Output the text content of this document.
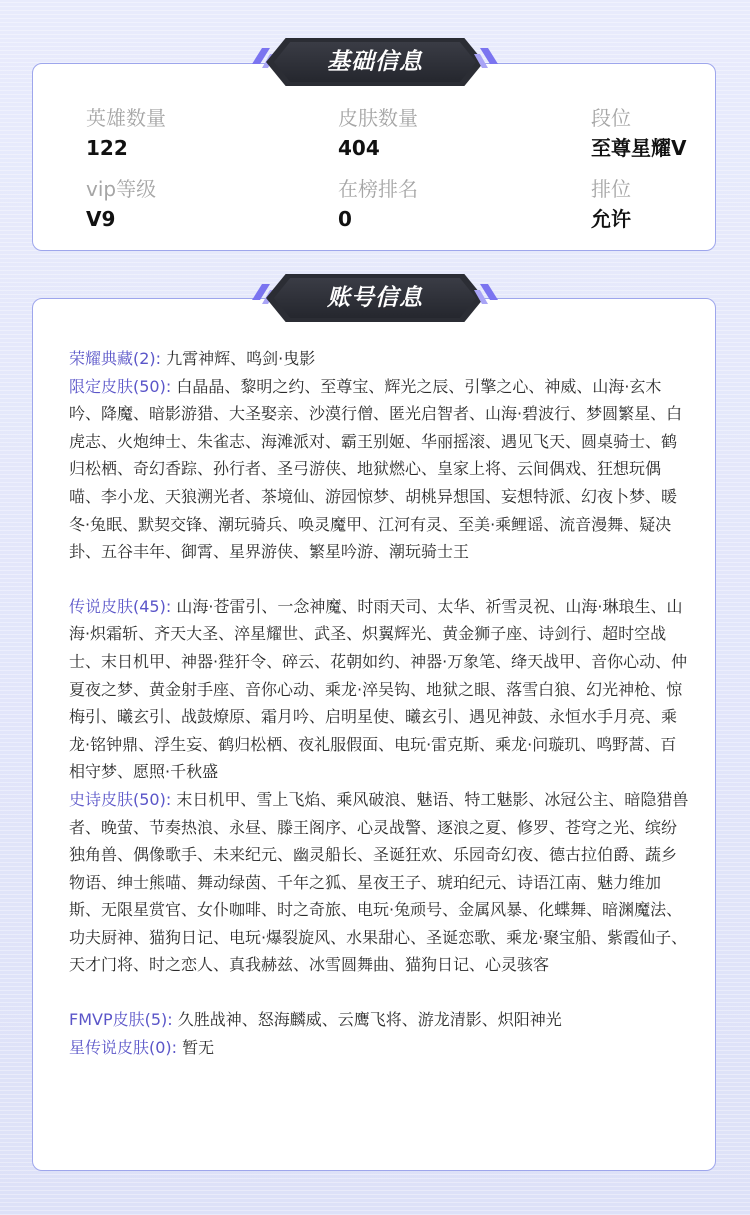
英雄数量
122
皮肤数量
404
段位
至尊星耀V
vip等级
V9
在榜排名
0
排位
允许
基础信息

荣耀典藏(2): 九霄神辉、鸣剑·曳影

限定皮肤(50): 白晶晶、黎明之约、至尊宝、辉光之辰、引擎之心、神威、山海·玄木吟、降魔、暗影游猎、大圣娶亲、沙漠行僧、匿光启智者、山海·碧波行、梦圆繁星、白虎志、火炮绅士、朱雀志、海滩派对、霸王别姬、华丽摇滚、遇见飞天、圆桌骑士、鹤归松栖、奇幻香踪、孙行者、圣弓游侠、地狱燃心、皇家上将、云间偶戏、狂想玩偶喵、李小龙、天狼溯光者、茶境仙、游园惊梦、胡桃异想国、妄想特派、幻夜卜梦、暖冬·兔眠、默契交锋、潮玩骑兵、唤灵魔甲、江河有灵、至美·乘鲤谣、流音漫舞、疑决卦、五谷丰年、御霄、星界游侠、繁星吟游、潮玩骑士王

传说皮肤(45): 山海·苍雷引、一念神魔、时雨天司、太华、祈雪灵祝、山海·琳琅生、山海·炽霜斩、齐天大圣、淬星耀世、武圣、炽翼辉光、黄金狮子座、诗剑行、超时空战士、末日机甲、神器·狴犴令、碎云、花朝如约、神器·万象笔、绛天战甲、音你心动、仲夏夜之梦、黄金射手座、音你心动、乘龙·淬吴钩、地狱之眼、落雪白狼、幻光神枪、惊梅引、曦玄引、战鼓燎原、霜月吟、启明星使、曦玄引、遇见神鼓、永恒水手月亮、乘龙·铭钟鼎、浮生妄、鹤归松栖、夜礼服假面、电玩·雷克斯、乘龙·问璇玑、鸣野蒿、百相守梦、愿照·千秋盛

史诗皮肤(50): 末日机甲、雪上飞焰、乘风破浪、魅语、特工魅影、冰冠公主、暗隐猎兽者、晚萤、节奏热浪、永昼、滕王阁序、心灵战警、逐浪之夏、修罗、苍穹之光、缤纷独角兽、偶像歌手、未来纪元、幽灵船长、圣诞狂欢、乐园奇幻夜、德古拉伯爵、蔬乡物语、绅士熊喵、舞动绿茵、千年之狐、星夜王子、琥珀纪元、诗语江南、魅力维加斯、无限星赏官、女仆咖啡、时之奇旅、电玩·兔顽号、金属风暴、化蝶舞、暗渊魔法、功夫厨神、猫狗日记、电玩·爆裂旋风、水果甜心、圣诞恋歌、乘龙·聚宝船、紫霞仙子、天才门将、时之恋人、真我赫兹、冰雪圆舞曲、猫狗日记、心灵骇客

FMVP皮肤(5): 久胜战神、怒海麟威、云鹰飞将、游龙清影、炽阳神光

星传说皮肤(0): 暂无

账号信息
